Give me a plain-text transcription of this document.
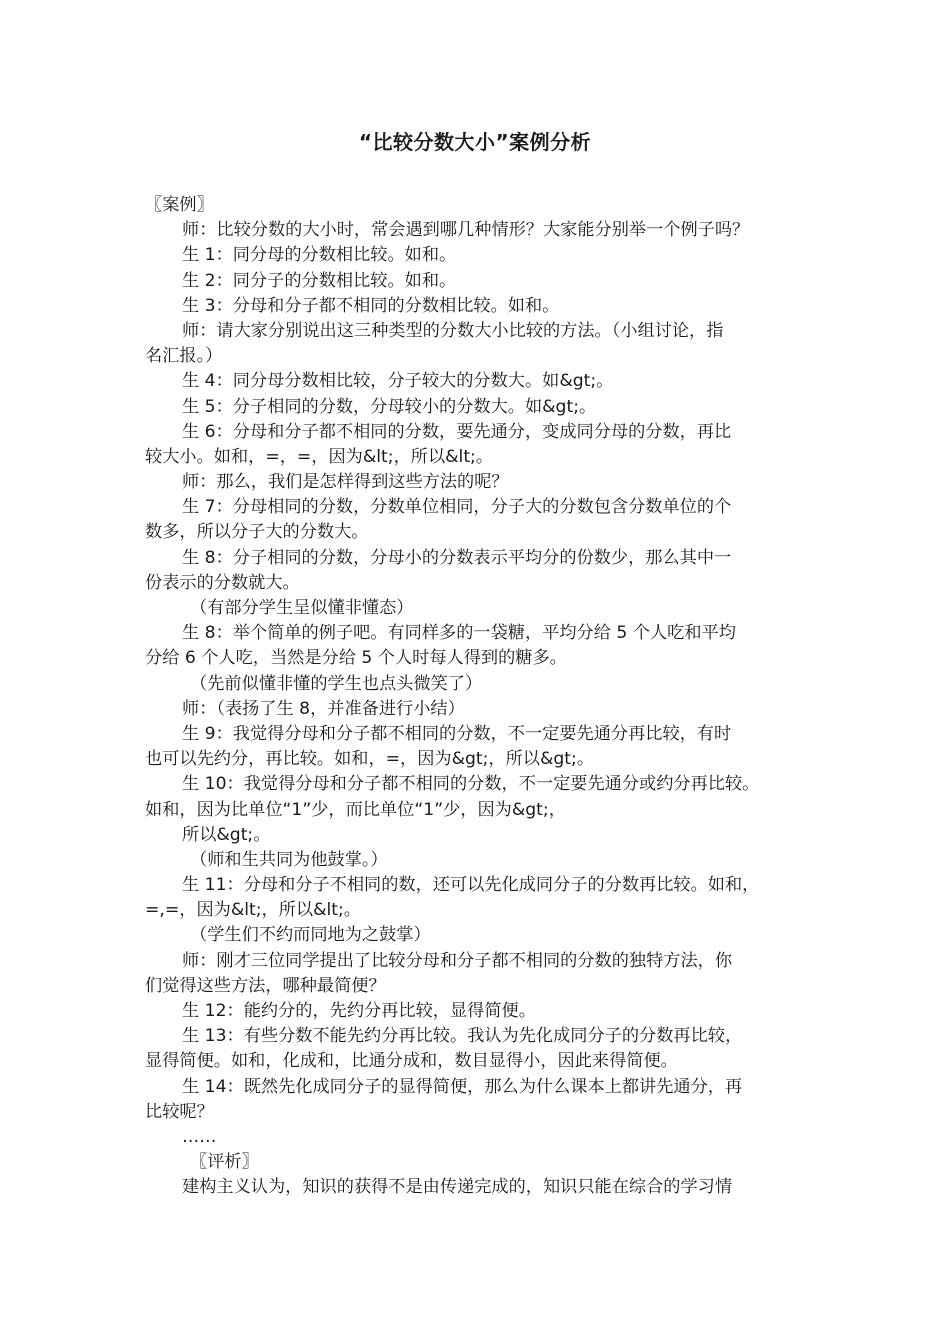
“比较分数大小”案例分析
〖案例〗
师：比较分数的大小时，常会遇到哪几种情形？大家能分别举一个例子吗？
生 1：同分母的分数相比较。如和。
生 2：同分子的分数相比较。如和。
生 3：分母和分子都不相同的分数相比较。如和。
师：请大家分别说出这三种类型的分数大小比较的方法。（小组讨论，指
名汇报。）
生 4：同分母分数相比较，分子较大的分数大。如&gt;。
生 5：分子相同的分数，分母较小的分数大。如&gt;。
生 6：分母和分子都不相同的分数，要先通分，变成同分母的分数，再比
较大小。如和，=，=，因为&lt;，所以&lt;。
师：那么，我们是怎样得到这些方法的呢？
生 7：分母相同的分数，分数单位相同，分子大的分数包含分数单位的个
数多，所以分子大的分数大。
生 8：分子相同的分数，分母小的分数表示平均分的份数少，那么其中一
份表示的分数就大。
（有部分学生呈似懂非懂态）
生 8：举个简单的例子吧。有同样多的一袋糖，平均分给 5 个人吃和平均
分给 6 个人吃，当然是分给 5 个人时每人得到的糖多。
（先前似懂非懂的学生也点头微笑了）
师：（表扬了生 8，并准备进行小结）
生 9：我觉得分母和分子都不相同的分数，不一定要先通分再比较，有时
也可以先约分，再比较。如和，=，因为&gt;，所以&gt;。
生 10：我觉得分母和分子都不相同的分数，不一定要先通分或约分再比较。
如和，因为比单位“1”少，而比单位“1”少，因为&gt;，
所以&gt;。
（师和生共同为他鼓掌。）
生 11：分母和分子不相同的数，还可以先化成同分子的分数再比较。如和，
=,=，因为&lt;，所以&lt;。
（学生们不约而同地为之鼓掌）
师：刚才三位同学提出了比较分母和分子都不相同的分数的独特方法，你
们觉得这些方法，哪种最简便？
生 12：能约分的，先约分再比较，显得简便。
生 13：有些分数不能先约分再比较。我认为先化成同分子的分数再比较，
显得简便。如和，化成和，比通分成和，数目显得小，因此来得简便。
生 14：既然先化成同分子的显得简便，那么为什么课本上都讲先通分，再
比较呢？
……
〖评析〗
建构主义认为，知识的获得不是由传递完成的，知识只能在综合的学习情
